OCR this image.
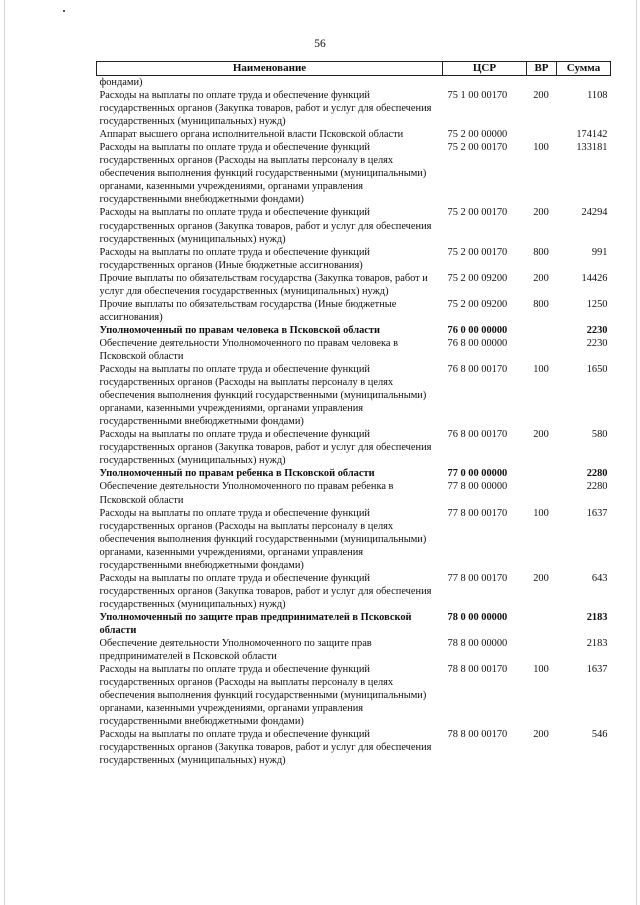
56
Наименование	ЦСР	ВР	Сумма
фондами)			
Расходы на выплаты по оплате труда и обеспечение функций государственных органов (Закупка товаров, работ и услуг для обеспечения государственных (муниципальных) нужд)	75 1 00 00170	200	1108
Аппарат высшего органа исполнительной власти Псковской области	75 2 00 00000		174142
Расходы на выплаты по оплате труда и обеспечение функций государственных органов (Расходы на выплаты персоналу в целях обеспечения выполнения функций государственными (муниципальными) органами, казенными учреждениями, органами управления государственными внебюджетными фондами)	75 2 00 00170	100	133181
Расходы на выплаты по оплате труда и обеспечение функций государственных органов (Закупка товаров, работ и услуг для обеспечения государственных (муниципальных) нужд)	75 2 00 00170	200	24294
Расходы на выплаты по оплате труда и обеспечение функций государственных органов (Иные бюджетные ассигнования)	75 2 00 00170	800	991
Прочие выплаты по обязательствам государства (Закупка товаров, работ и услуг для обеспечения государственных (муниципальных) нужд)	75 2 00 09200	200	14426
Прочие выплаты по обязательствам государства (Иные бюджетные ассигнования)	75 2 00 09200	800	1250
Уполномоченный по правам человека в Псковской области	76 0 00 00000		2230
Обеспечение деятельности Уполномоченного по правам человека в Псковской области	76 8 00 00000		2230
Расходы на выплаты по оплате труда и обеспечение функций государственных органов (Расходы на выплаты персоналу в целях обеспечения выполнения функций государственными (муниципальными) органами, казенными учреждениями, органами управления государственными внебюджетными фондами)	76 8 00 00170	100	1650
Расходы на выплаты по оплате труда и обеспечение функций государственных органов (Закупка товаров, работ и услуг для обеспечения государственных (муниципальных) нужд)	76 8 00 00170	200	580
Уполномоченный по правам ребенка в Псковской области	77 0 00 00000		2280
Обеспечение деятельности Уполномоченного по правам ребенка в Псковской области	77 8 00 00000		2280
Расходы на выплаты по оплате труда и обеспечение функций государственных органов (Расходы на выплаты персоналу в целях обеспечения выполнения функций государственными (муниципальными) органами, казенными учреждениями, органами управления государственными внебюджетными фондами)	77 8 00 00170	100	1637
Расходы на выплаты по оплате труда и обеспечение функций государственных органов (Закупка товаров, работ и услуг для обеспечения государственных (муниципальных) нужд)	77 8 00 00170	200	643
Уполномоченный по защите прав предпринимателей в Псковской области	78 0 00 00000		2183
Обеспечение деятельности Уполномоченного по защите прав предпринимателей в Псковской области	78 8 00 00000		2183
Расходы на выплаты по оплате труда и обеспечение функций государственных органов (Расходы на выплаты персоналу в целях обеспечения выполнения функций государственными (муниципальными) органами, казенными учреждениями, органами управления государственными внебюджетными фондами)	78 8 00 00170	100	1637
Расходы на выплаты по оплате труда и обеспечение функций государственных органов (Закупка товаров, работ и услуг для обеспечения государственных (муниципальных) нужд)	78 8 00 00170	200	546
